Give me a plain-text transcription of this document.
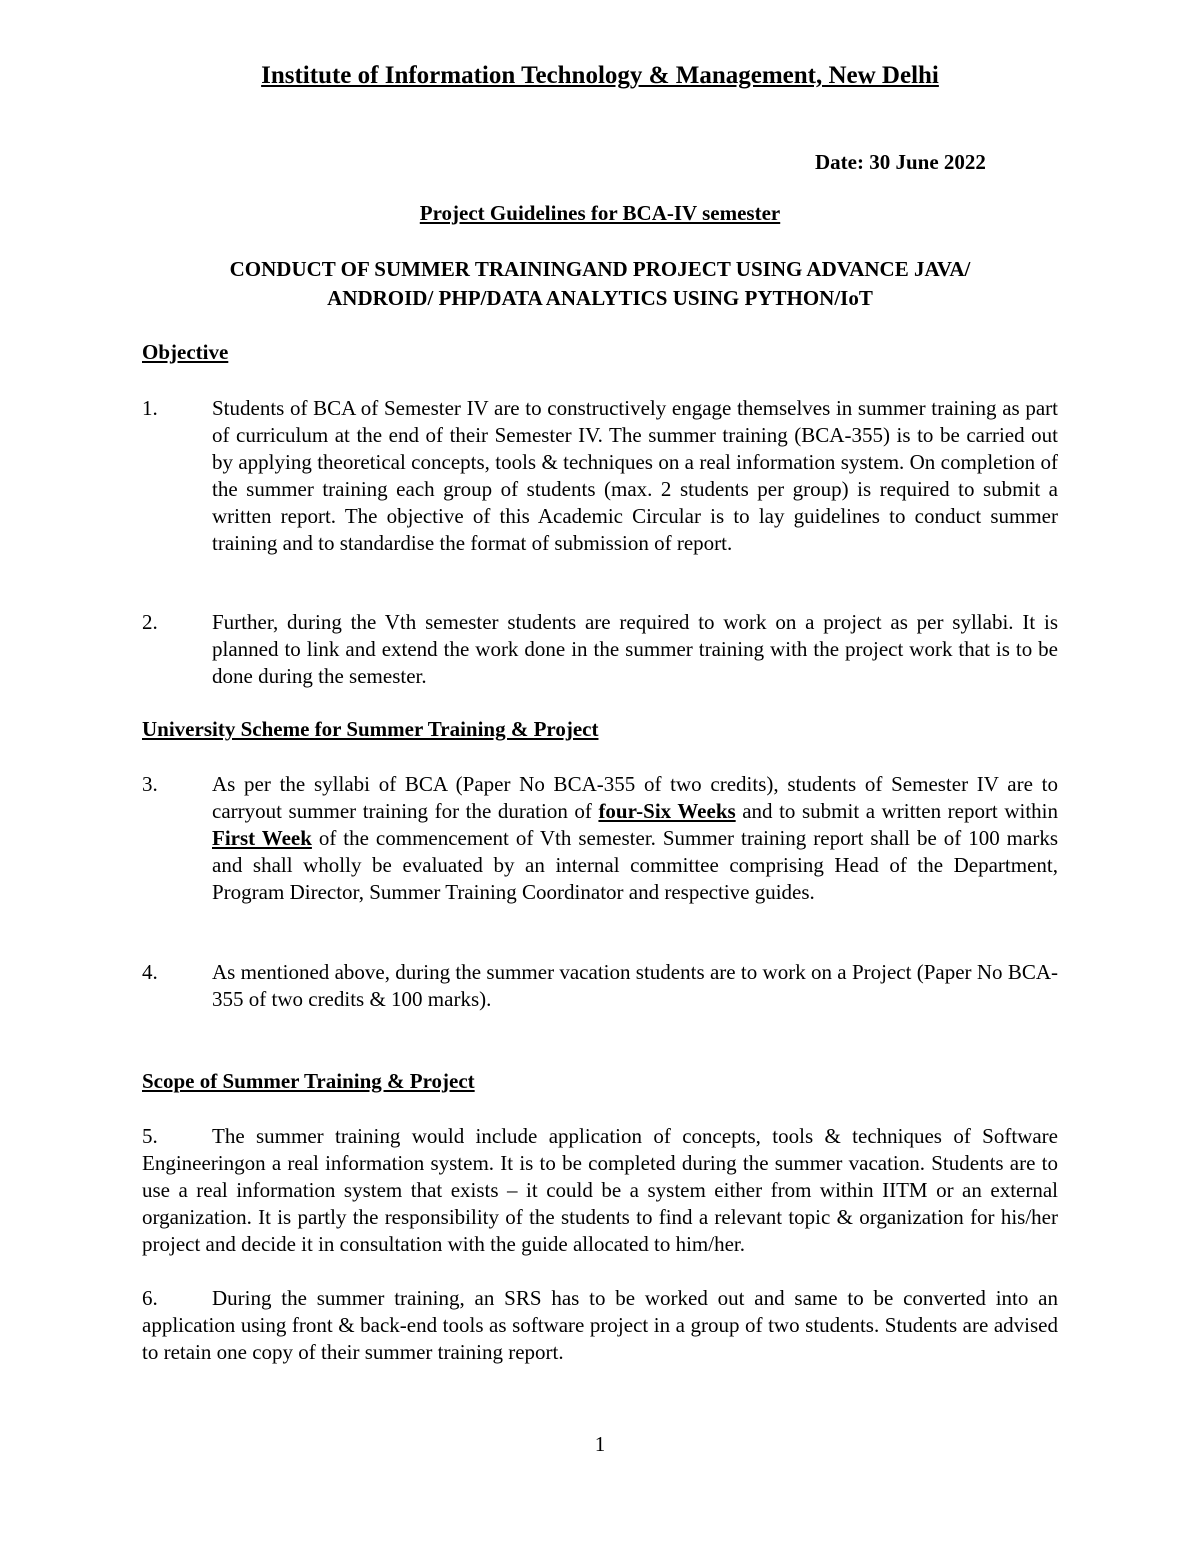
Institute of Information Technology & Management, New Delhi
Date: 30 June 2022
Project Guidelines for BCA-IV semester
CONDUCT OF SUMMER TRAININGAND PROJECT USING ADVANCE JAVA/
ANDROID/ PHP/DATA ANALYTICS USING PYTHON/IoT
Objective
1.	Students of BCA of Semester IV are to constructively engage themselves in summer training as part of curriculum at the end of their Semester IV. The summer training (BCA-355) is to be carried out by applying theoretical concepts, tools & techniques on a real information system. On completion of the summer training each group of students (max. 2 students per group) is required to submit a written report. The objective of this Academic Circular is to lay guidelines to conduct summer training and to standardise the format of submission of report.
2.	Further, during the Vth semester students are required to work on a project as per syllabi. It is planned to link and extend the work done in the summer training with the project work that is to be done during the semester.
University Scheme for Summer Training & Project
3.	As per the syllabi of BCA (Paper No BCA-355 of two credits), students of Semester IV are to carryout summer training for the duration of four-Six Weeks and to submit a written report within First Week of the commencement of Vth semester. Summer training report shall be of 100 marks and shall wholly be evaluated by an internal committee comprising Head of the Department, Program Director, Summer Training Coordinator and respective guides.
4.	As mentioned above, during the summer vacation students are to work on a Project (Paper No BCA-355 of two credits & 100 marks).
Scope of Summer Training & Project
5.	The summer training would include application of concepts, tools & techniques of Software Engineeringon a real information system. It is to be completed during the summer vacation. Students are to use a real information system that exists – it could be a system either from within IITM or an external organization. It is partly the responsibility of the students to find a relevant topic & organization for his/her project and decide it in consultation with the guide allocated to him/her.
6.	During the summer training, an SRS has to be worked out and same to be converted into an application using front & back-end tools as software project in a group of two students. Students are advised to retain one copy of their summer training report.
1
